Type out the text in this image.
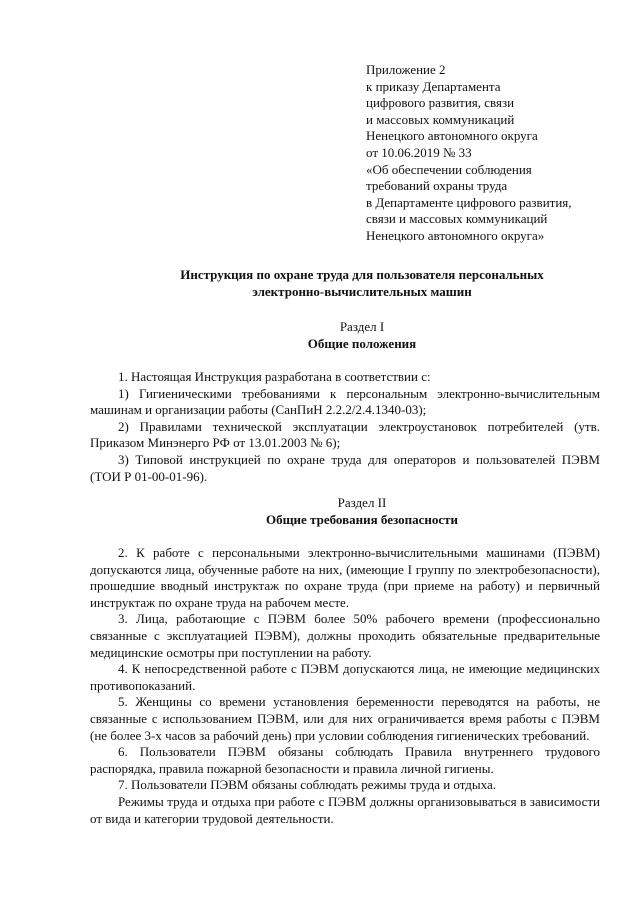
Приложение 2
к приказу Департамента
цифрового развития, связи
и массовых коммуникаций
Ненецкого автономного округа
от 10.06.2019 № 33
«Об обеспечении соблюдения
требований охраны труда
в Департаменте цифрового развития,
связи и массовых коммуникаций
Ненецкого автономного округа»
Инструкция по охране труда для пользователя персональных
электронно-вычислительных машин
Раздел I
Общие положения

1. Настоящая Инструкция разработана в соответствии с:

1) Гигиеническими требованиями к персональным электронно-вычислительным машинам и организации работы (СанПиН 2.2.2/2.4.1340-03);

2) Правилами технической эксплуатации электроустановок потребителей (утв. Приказом Минэнерго РФ от 13.01.2003 № 6);

3) Типовой инструкцией по охране труда для операторов и пользователей ПЭВМ (ТОИ Р 01-00-01-96).

Раздел II
Общие требования безопасности

2. К работе с персональными электронно-вычислительными машинами (ПЭВМ) допускаются лица, обученные работе на них, (имеющие I группу по электробезопасности), прошедшие вводный инструктаж по охране труда (при приеме на работу) и первичный инструктаж по охране труда на рабочем месте.

3. Лица, работающие с ПЭВМ более 50% рабочего времени (профессионально связанные с эксплуатацией ПЭВМ), должны проходить обязательные предварительные медицинские осмотры при поступлении на работу.

4. К непосредственной работе с ПЭВМ допускаются лица, не имеющие медицинских противопоказаний.

5. Женщины со времени установления беременности переводятся на работы, не связанные с использованием ПЭВМ, или для них ограничивается время работы с ПЭВМ (не более 3-х часов за рабочий день) при условии соблюдения гигиенических требований.

6. Пользователи ПЭВМ обязаны соблюдать Правила внутреннего трудового распорядка, правила пожарной безопасности и правила личной гигиены.

7. Пользователи ПЭВМ обязаны соблюдать режимы труда и отдыха.

Режимы труда и отдыха при работе с ПЭВМ должны организовываться в зависимости от вида и категории трудовой деятельности.
